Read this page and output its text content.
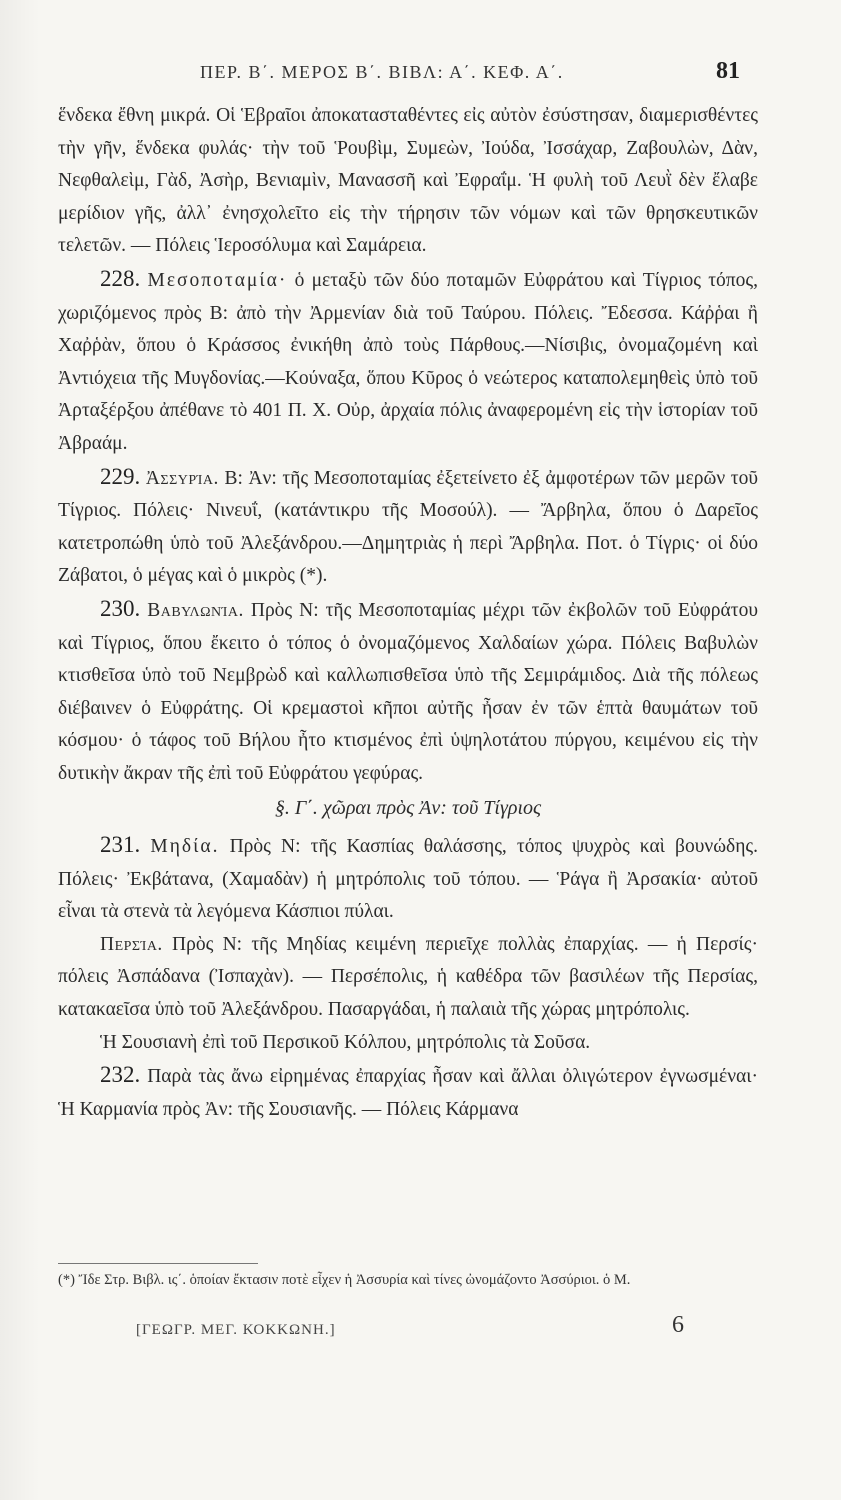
ΠΕΡ. Β΄. ΜΕΡΟΣ Β΄. ΒΙΒΛ: Α΄. ΚΕΦ. Α΄.	81

ἕνδεκα ἔθνη μικρά. Οἱ Ἑβραῖοι ἀποκατασταθέντες εἰς αὐτὸν ἐσύστησαν, διαμερισθέντες τὴν γῆν, ἕνδεκα φυλάς· τὴν τοῦ Ῥουβὶμ, Συμεὼν, Ἰούδα, Ἰσσάχαρ, Ζαβουλὼν, Δὰν, Νεφθαλεὶμ, Γὰδ, Ἀσὴρ, Βενιαμὶν, Μανασσῆ καὶ Ἐφραΐμ. Ἡ φυλὴ τοῦ Λευῒ δὲν ἔλαβε μερίδιον γῆς, ἀλλ᾽ ἐνησχολεῖτο εἰς τὴν τήρησιν τῶν νόμων καὶ τῶν θρησκευτικῶν τελετῶν. — Πόλεις Ἱεροσόλυμα καὶ Σαμάρεια.

228. Μεσοποταμία· ὁ μεταξὺ τῶν δύο ποταμῶν Εὐφράτου καὶ Τίγριος τόπος, χωριζόμενος πρὸς Β: ἀπὸ τὴν Ἀρμενίαν διὰ τοῦ Ταύρου. Πόλεις. Ἔδεσσα. Κάῤῥαι ἢ Χαῤῥὰν, ὅπου ὁ Κράσσος ἐνικήθη ἀπὸ τοὺς Πάρθους.—Νίσιβις, ὀνομαζομένη καὶ Ἀντιόχεια τῆς Μυγδονίας.—Κούναξα, ὅπου Κῦρος ὁ νεώτερος καταπολεμηθεὶς ὑπὸ τοῦ Ἀρταξέρξου ἀπέθανε τὸ 401 Π. Χ. Οὐρ, ἀρχαία πόλις ἀναφερομένη εἰς τὴν ἱστορίαν τοῦ Ἀβραάμ.

229. Ἀσσυρία. Β: Ἀν: τῆς Μεσοποταμίας ἐξετείνετο ἐξ ἀμφοτέρων τῶν μερῶν τοῦ Τίγριος. Πόλεις· Νινευΐ, (κατάντικρυ τῆς Μοσούλ). — Ἄρβηλα, ὅπου ὁ Δαρεῖος κατετροπώθη ὑπὸ τοῦ Ἀλεξάνδρου.—Δημητριὰς ἡ περὶ Ἄρβηλα. Ποτ. ὁ Τίγρις· οἱ δύο Ζάβατοι, ὁ μέγας καὶ ὁ μικρὸς (*).

230. Βαβυλωνία. Πρὸς Ν: τῆς Μεσοποταμίας μέχρι τῶν ἐκβολῶν τοῦ Εὐφράτου καὶ Τίγριος, ὅπου ἔκειτο ὁ τόπος ὁ ὀνομαζόμενος Χαλδαίων χώρα. Πόλεις Βαβυλὼν κτισθεῖσα ὑπὸ τοῦ Νεμβρὼδ καὶ καλλωπισθεῖσα ὑπὸ τῆς Σεμιράμιδος. Διὰ τῆς πόλεως διέβαινεν ὁ Εὐφράτης. Οἱ κρεμαστοὶ κῆποι αὐτῆς ἦσαν ἐν τῶν ἑπτὰ θαυμάτων τοῦ κόσμου· ὁ τάφος τοῦ Βήλου ἦτο κτισμένος ἐπὶ ὑψηλοτάτου πύργου, κειμένου εἰς τὴν δυτικὴν ἄκραν τῆς ἐπὶ τοῦ Εὐφράτου γεφύρας.

§. Γ΄. χῶραι πρὸς Ἀν: τοῦ Τίγριος

231. Μηδία. Πρὸς Ν: τῆς Κασπίας θαλάσσης, τόπος ψυχρὸς καὶ βουνώδης. Πόλεις· Ἐκβάτανα, (Χαμαδὰν) ἡ μητρόπολις τοῦ τόπου. — Ῥάγα ἢ Ἀρσακία· αὐτοῦ εἶναι τὰ στενὰ τὰ λεγόμενα Κάσπιοι πύλαι.

Περσία. Πρὸς Ν: τῆς Μηδίας κειμένη περιεῖχε πολλὰς ἐπαρχίας. — ἡ Περσίς· πόλεις Ἀσπάδανα (Ἰσπαχὰν). — Περσέπολις, ἡ καθέδρα τῶν βασιλέων τῆς Περσίας, κατακαεῖσα ὑπὸ τοῦ Ἀλεξάνδρου. Πασαργάδαι, ἡ παλαιὰ τῆς χώρας μητρόπολις.

Ἡ Σουσιανὴ ἐπὶ τοῦ Περσικοῦ Κόλπου, μητρόπολις τὰ Σοῦσα.

232. Παρὰ τὰς ἄνω εἰρημένας ἐπαρχίας ἦσαν καὶ ἄλλαι ὀλιγώτερον ἐγνωσμέναι· Ἡ Καρμανία πρὸς Ἀν: τῆς Σουσιανῆς. — Πόλεις Κάρμανα

(*) Ἴδε Στρ. Βιβλ. ις΄. ὁποίαν ἔκτασιν ποτὲ εἶχεν ἡ Ἀσσυρία καὶ τίνες ὠνομάζοντο Ἀσσύριοι. ὁ Μ.
[ΓΕΩΓΡ. ΜΕΓ. ΚΟΚΚΩΝΗ.]	6
